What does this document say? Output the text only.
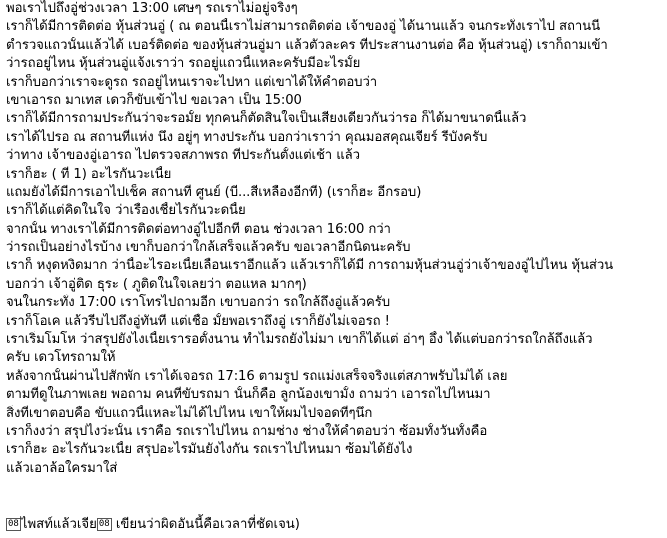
พอเราไปถึงอู่ช่วงเวลา 13:00 เศษๆ รถเราไม่อยู่จริงๆ
เราก็ได้มีการติดต่อ หุ้นส่วนอู่ ( ณ ตอนนี้เราไม่สามารถติดต่อ เจ้าของอู่ ได้นานแล้ว จนกระทั่งเราไป สถานนี
ตำรวจแถวนั้นแล้วได้ เบอร์ติดต่อ ของหุ้นส่วนอู่มา แล้วตัวละคร ที่ประสานงานต่อ คือ หุ้นส่วนอู่) เราก็ถามเข้า
ว่ารถอยู่ไหน หุ้นส่วนอู่แจ้งเราว่า รถอยู่แถวนี้แหละครับมีอะไรมั้ย
เราก็บอกว่าเราจะดูรถ รถอยู่ไหนเราจะไปหา แต่เขาได้ให้คำตอบว่า
เขาเอารถ มาเทส เดวก็ขับเข้าไป ขอเวลา เป็น 15:00
เราก็ได้มีการถามประกันว่าจะรอมั้ย ทุกคนก็ตัดสินใจเป็นเสียงเดียวกันว่ารอ ก็ได้มาขนาดนี้แล้ว
เราได้ไปรอ ณ สถานที่แห่ง นึง อยู่ๆ ทางประกัน บอกว่าเราว่า คุณมอสคุณเจียร์ รีบังครับ
ว่าทาง เจ้าของอู่เอารถ ไปตรวจสภาพรถ ที่ประกันตั้งแต่เช้า แล้ว
เราก็ฮะ ( ที่ 1) อะไรกันวะเนี้ย
แถมยังได้มีการเอาไปเช็ค สถานที่ ศูนย์ (บี...สีเหลืองอีกที) (เราก็ฮะ อีกรอบ)
เราก็ได้แต่คิดในใจ ว่าเรื่องเชี้ยไรกันวะดนี้ย
จากนั้น ทางเราได้มีการติดต่อทางอู่ไปอีกที ตอน ช่วงเวลา 16:00 กว่า
ว่ารถเป็นอย่างไรบ้าง เขาก็บอกว่าใกล้เสร็จแล้วครับ ขอเวลาอีกนิดนะครับ
เราก็ หงุดหงิดมาก ว่านี้อะไรอะเนี้ยเลื่อนเราอีกแล้ว แล้วเราก็ได้มี การถามหุ้นส่วนอู่ว่าเจ้าของอู่ไปไหน หุ้นส่วน
บอกว่า เจ้าอู่ติด ธุระ ( ภูติดในใจเลยว่า ตอแหล มากๆ)
จนในกระทั่ง 17:00 เราโทรไปถามอีก เขาบอกว่า รถใกล้ถึงอู่แล้วครับ
เราก็โอเค แล้วรีบไปถึงอู่ทันที แต่เชื่อ มั้ยพอเราถึงอู่ เราก็ยังไม่เจอรถ !
เราเริ่มโมโห ว่าสรุปยังไงเนี้ยเรารอตั้งนาน ทำไมรถยังไม่มา เขาก็ได้แต่ อ่าๆ อึ้ง ได้แต่บอกว่ารถใกล้ถึงแล้ว
ครับ เดวโทรถามให้
หลังจากนั้นผ่านไปสักพัก เราได้เจอรถ 17:16 ตามรูป รถแม่งเสร็จจริงแต่สภาพรับไม่ได้ เลย
ตามที่ดูในภาพเลย พอถาม คนที่ขับรถมา นั้นก็คือ ลูกน้องเขามั้ง ถามว่า เอารถไปไหนมา
สิ่งที่เขาตอบคือ ขับแถวนี้แหละไม่ได้ไปไหน เขาให้ผมไปจอดที่ๆนึก
เราก็งงว่า สรุปไงว่ะนั้น เราคือ รถเราไปไหน ถามช่าง ช่างให้คำตอบว่า ซ้อมทั้งวันทั้งคือ
เราก็ฮะ อะไรกันวะเนี้ย สรุปอะไรมันยังไงกัน รถเราไปไหนมา ซ้อมได้ยังไง
แล้วเอาล้อใครมาใส่
08 ไพสท์แล้วเจีย 08 เขียนว่าผิดอันนี้คือเวลาที่ชัดเจน)
